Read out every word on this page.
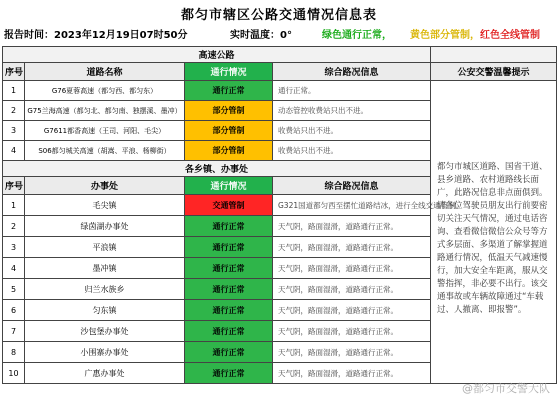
都匀市辖区公路交通情况信息表
报告时间：2023年12月19日07时50分	实时温度：0°	绿色通行正常， 黄色部分管制， 红色全线管制
高速公路				
序号	道路名称	通行情况	综合路况信息	公安交警温馨提示
1	G76夏蓉高速（都匀西、都匀东）	通行正常	通行正常。	都匀市城区道路、国省干道、县乡道路、农村道路线长面广，此路况信息非点面俱到。请各位驾驶员朋友出行前要密切关注天气情况，通过电话咨询、查看微信微信公众号等方式多层面、多渠道了解掌握道路通行情况，低温天气减速慢行，加大安全车距离，服从交警指挥，非必要不出行。该交通事故或车辆故障通过“车载过、人撤离、即报警”。
2	G75兰海高速（都匀北、都匀南、独摆溪、墨冲）	部分管制	动态管控收费站只出不进。	
3	G7611都香高速（王司、河阳、毛尖）	部分管制	收费站只出不进。	
4	S06都匀城关高速（胡嵩、平浪、杨柳街）	部分管制	收费站只出不进。	
各乡镇、办事处				
序号	办事处	通行情况	综合路况信息	
1	毛尖镇	交通管制	G321国道都匀西至摆忙道路结冰，进行全线交通管制。	
2	绿茵湖办事处	通行正常	天气阴，路面湿滑，道路通行正常。	
3	平浪镇	通行正常	天气阴，路面湿滑，道路通行正常。	
4	墨冲镇	通行正常	天气阴，路面湿滑，道路通行正常。	
5	归兰水族乡	通行正常	天气阴，路面湿滑，道路通行正常。	
6	匀东镇	通行正常	天气阴，路面湿滑，道路通行正常。	
7	沙包堡办事处	通行正常	天气阴，路面湿滑，道路通行正常。	
8	小围寨办事处	通行正常	天气阴，路面湿滑，道路通行正常。	
10	广惠办事处	通行正常	天气阴，路面湿滑，道路通行正常。	
@都匀市交警大队
